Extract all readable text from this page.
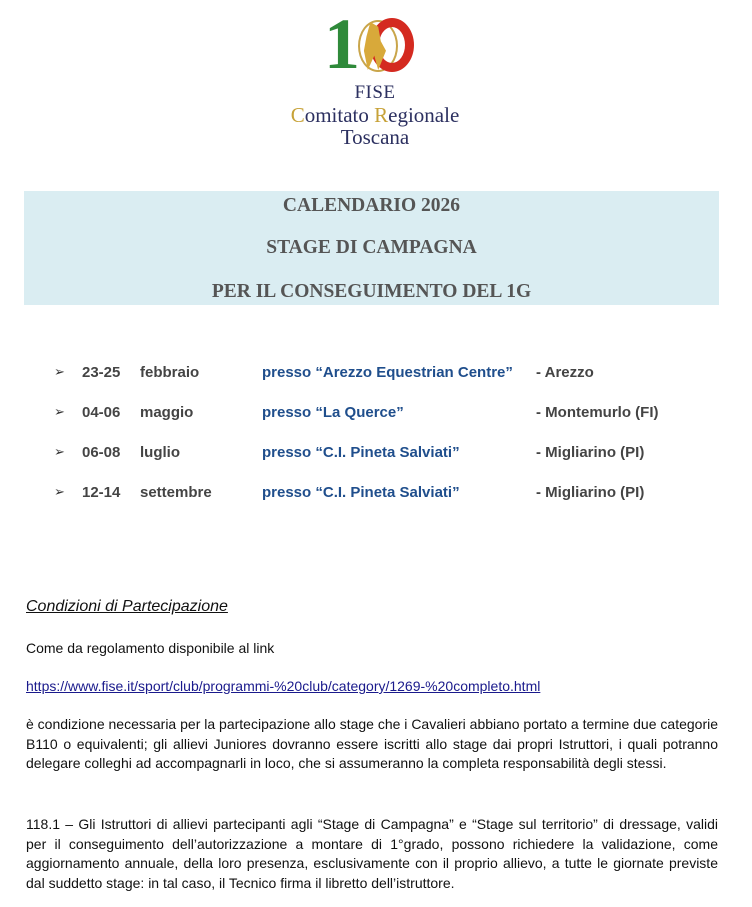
1
FISE
Comitato Regionale
Toscana
CALENDARIO 2026
STAGE DI CAMPAGNA
PER IL CONSEGUIMENTO DEL 1G
➢ 23-25 febbraio	presso “Arezzo Equestrian Centre” - Arezzo
➢ 04-06 maggio	presso “La Querce”	- Montemurlo (FI)
➢ 06-08 luglio	presso “C.I. Pineta Salviati”	- Migliarino (PI)
➢ 12-14 settembre	presso “C.I. Pineta Salviati”	- Migliarino (PI)
Condizioni di Partecipazione
Come da regolamento disponibile al link
https://www.fise.it/sport/club/programmi-%20club/category/1269-%20completo.html
è condizione necessaria per la partecipazione allo stage che i Cavalieri abbiano portato a termine due categorie B110 o equivalenti; gli allievi Juniores dovranno essere iscritti allo stage dai propri Istruttori, i quali potranno delegare colleghi ad accompagnarli in loco, che si assumeranno la completa responsabilità degli stessi.
118.1 – Gli Istruttori di allievi partecipanti agli “Stage di Campagna” e “Stage sul territorio” di dressage, validi per il conseguimento dell’autorizzazione a montare di 1°grado, possono richiedere la validazione, come aggiornamento annuale, della loro presenza, esclusivamente con il proprio allievo, a tutte le giornate previste dal suddetto stage: in tal caso, il Tecnico firma il libretto dell’istruttore.
